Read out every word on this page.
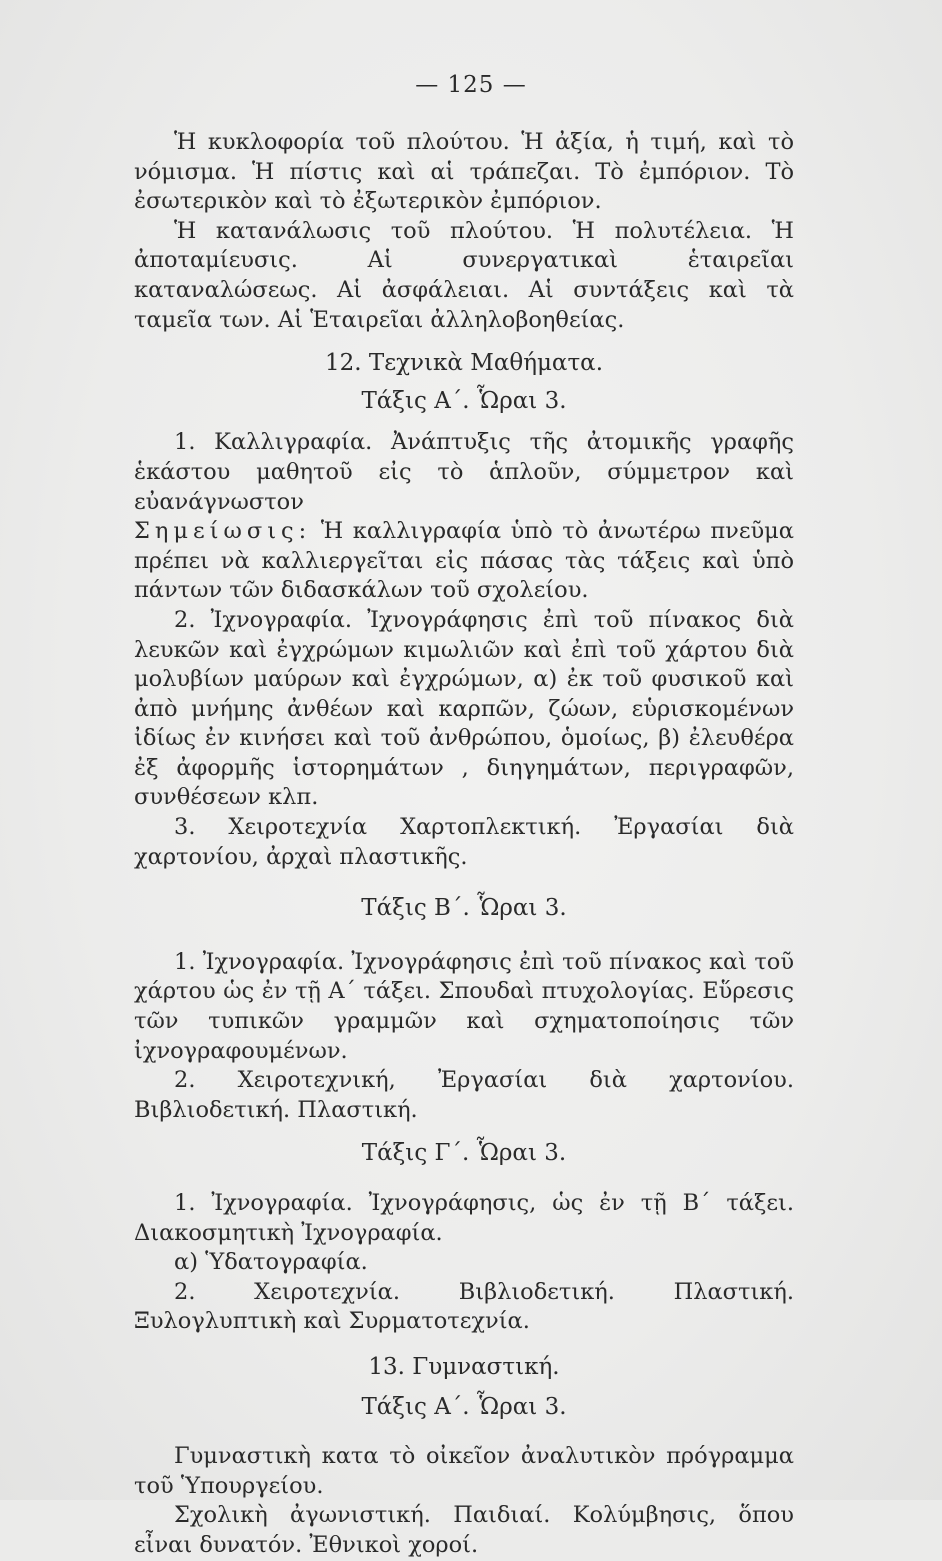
— 125 —

Ἡ κυκλοφορία τοῦ πλούτου. Ἡ ἀξία, ἡ τιμή, καὶ τὸ νόμισμα. Ἡ πίστις καὶ αἱ τράπεζαι. Τὸ ἐμπόριον. Τὸ ἐσωτερικὸν καὶ τὸ ἐξωτερικὸν ἐμπόριον.

Ἡ κατανάλωσις τοῦ πλούτου. Ἡ πολυτέλεια. Ἡ ἀποταμίευσις. Αἱ συνεργατικαὶ ἑταιρεῖαι καταναλώσεως. Αἱ ἀσφάλειαι. Αἱ συντάξεις καὶ τὰ ταμεῖα των. Αἱ Ἑταιρεῖαι ἀλληλοβοηθείας.

12. Τεχνικὰ Μαθήματα.
Τάξις Α΄. Ὧραι 3.

1. Καλλιγραφία. Ἀνάπτυξις τῆς ἀτομικῆς γραφῆς ἑκάστου μαθητοῦ εἰς τὸ ἁπλοῦν, σύμμετρον καὶ εὐανάγνωστον

Σημείωσις: Ἡ καλλιγραφία ὑπὸ τὸ ἀνωτέρω πνεῦμα πρέπει νὰ καλλιεργεῖται εἰς πάσας τὰς τάξεις καὶ ὑπὸ πάντων τῶν διδασκάλων τοῦ σχολείου.

2. Ἰχνογραφία. Ἰχνογράφησις ἐπὶ τοῦ πίνακος διὰ λευκῶν καὶ ἐγχρώμων κιμωλιῶν καὶ ἐπὶ τοῦ χάρτου διὰ μολυβίων μαύρων καὶ ἐγχρώμων, α) ἐκ τοῦ φυσικοῦ καὶ ἀπὸ μνήμης ἀνθέων καὶ καρπῶν, ζώων, εὑρισκομένων ἰδίως ἐν κινήσει καὶ τοῦ ἀνθρώπου, ὁμοίως, β) ἐλευθέρα ἐξ ἀφορμῆς ἱστορημάτων , διηγημάτων, περιγραφῶν, συνθέσεων κλπ.

3. Χειροτεχνία Χαρτοπλεκτική. Ἐργασίαι διὰ χαρτονίου, ἀρχαὶ πλαστικῆς.

Τάξις Β΄. Ὧραι 3.

1. Ἰχνογραφία. Ἰχνογράφησις ἐπὶ τοῦ πίνακος καὶ τοῦ χάρτου ὡς ἐν τῇ Α΄ τάξει. Σπουδαὶ πτυχολογίας. Εὕρεσις τῶν τυπικῶν γραμμῶν καὶ σχηματοποίησις τῶν ἰχνογραφουμένων.

2. Χειροτεχνική, Ἐργασίαι διὰ χαρτονίου. Βιβλιοδετική. Πλαστική.

Τάξις Γ΄. Ὧραι 3.

1. Ἰχνογραφία. Ἰχνογράφησις, ὡς ἐν τῇ Β΄ τάξει. Διακοσμητικὴ Ἰχνογραφία.

α) Ὑδατογραφία.

2. Χειροτεχνία. Βιβλιοδετική. Πλαστική. Ξυλογλυπτικὴ καὶ Συρματοτεχνία.

13. Γυμναστική.
Τάξις Α΄. Ὧραι 3.

Γυμναστικὴ κατα τὸ οἰκεῖον ἀναλυτικὸν πρόγραμμα τοῦ Ὑπουργείου.

Σχολικὴ ἀγωνιστική. Παιδιαί. Κολύμβησις, ὅπου εἶναι δυνατόν. Ἐθνικοὶ χοροί.
